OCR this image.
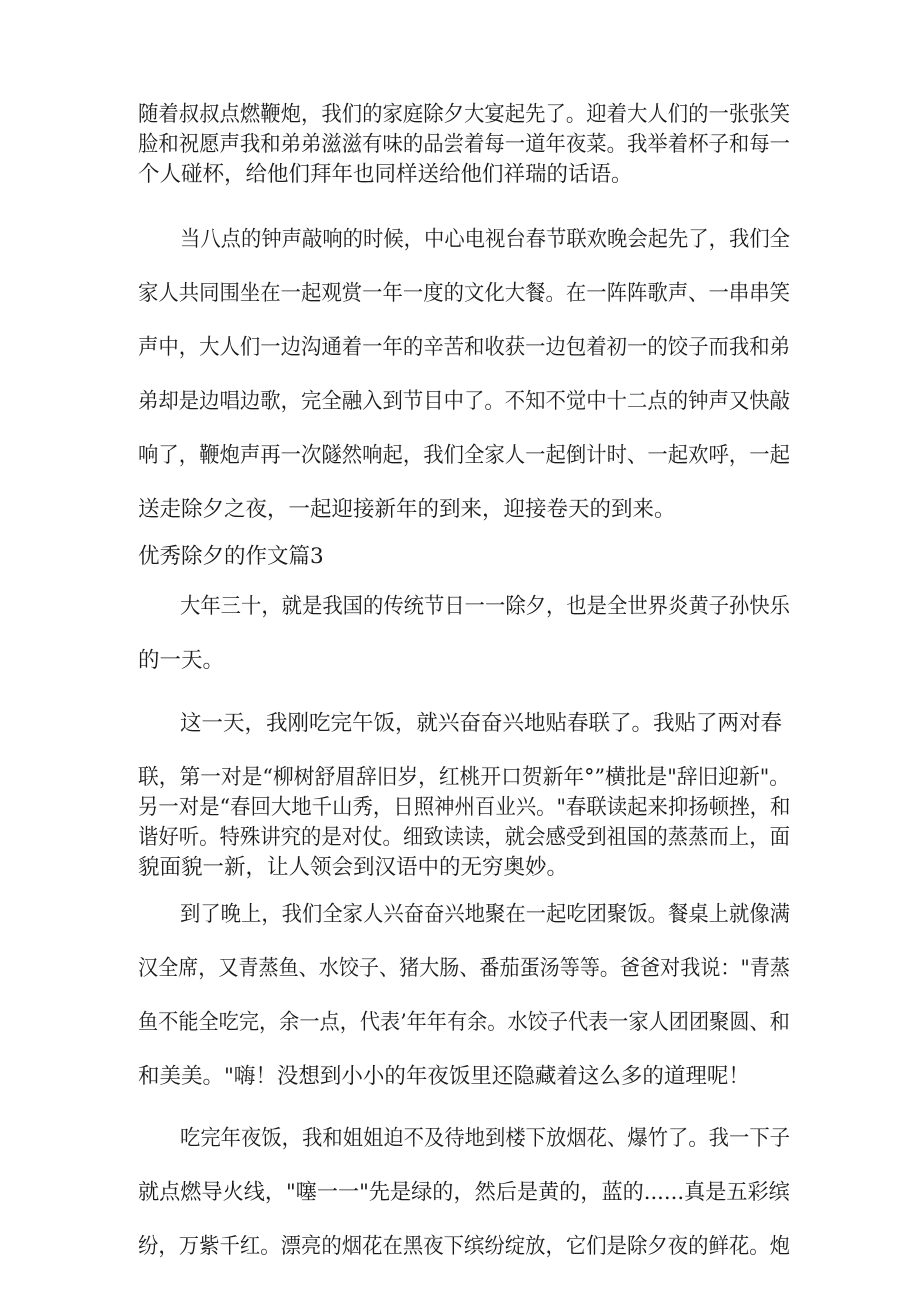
随着叔叔点燃鞭炮，我们的家庭除夕大宴起先了。迎着大人们的一张张笑

脸和祝愿声我和弟弟滋滋有味的品尝着每一道年夜菜。我举着杯子和每一

个人碰杯，给他们拜年也同样送给他们祥瑞的话语。

当八点的钟声敲响的时候，中心电视台春节联欢晚会起先了，我们全

家人共同围坐在一起观赏一年一度的文化大餐。在一阵阵歌声、一串串笑

声中，大人们一边沟通着一年的辛苦和收获一边包着初一的饺子而我和弟

弟却是边唱边歌，完全融入到节目中了。不知不觉中十二点的钟声又快敲

响了，鞭炮声再一次隧然响起，我们全家人一起倒计时、一起欢呼，一起

送走除夕之夜，一起迎接新年的到来，迎接卷天的到来。

优秀除夕的作文篇3

大年三十，就是我国的传统节日一一除夕，也是全世界炎黄子孙快乐

的一天。

这一天，我刚吃完午饭，就兴奋奋兴地贴春联了。我贴了两对春

联，第一对是“柳树舒眉辞旧岁，红桃开口贺新年°”横批是"辞旧迎新"。

另一对是“春回大地千山秀，日照神州百业兴。"春联读起来抑扬顿挫，和

谐好听。特殊讲究的是对仗。细致读读，就会感受到祖国的蒸蒸而上，面

貌面貌一新，让人领会到汉语中的无穷奥妙。

到了晚上，我们全家人兴奋奋兴地聚在一起吃团聚饭。餐桌上就像满

汉全席，又青蒸鱼、水饺子、猪大肠、番茄蛋汤等等。爸爸对我说："青蒸

鱼不能全吃完，余一点，代表’年年有余。水饺子代表一家人团团聚圆、和

和美美。"嗨！没想到小小的年夜饭里还隐藏着这么多的道理呢！

吃完年夜饭，我和姐姐迫不及待地到楼下放烟花、爆竹了。我一下子

就点燃导火线，"噻一一"先是绿的，然后是黄的，蓝的......真是五彩缤

纷，万紫千红。漂亮的烟花在黑夜下缤纷绽放，它们是除夕夜的鲜花。炮
